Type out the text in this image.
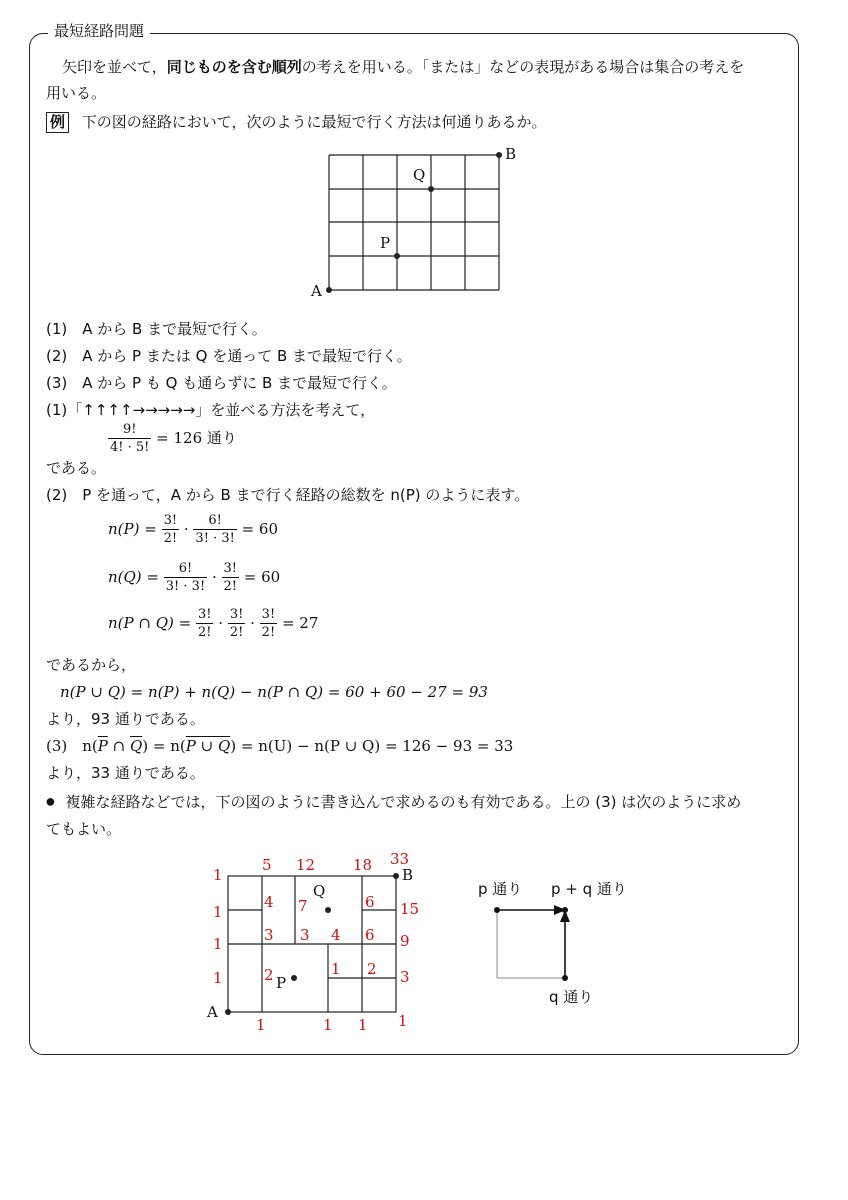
最短経路問題
矢印を並べて，同じものを含む順列の考えを用いる。「または」などの表現がある場合は集合の考えを
用いる。
例 下の図の経路において，次のように最短で行く方法は何通りあるか。
A
B
P
Q
(1)　A から B まで最短で行く。
(2)　A から P または Q を通って B まで最短で行く。
(3)　A から P も Q も通らずに B まで最短で行く。
(1)「↑↑↑↑→→→→→」を並べる方法を考えて，
$\frac{9!}{4! \cdot 5!} = 126$ 通り
である。
(2)　P を通って，A から B まで行く経路の総数を n(P) のように表す。
$n(P) = \frac{3!}{2!} \cdot \frac{6!}{3! \cdot 3!} = 60$
$n(Q) = \frac{6!}{3! \cdot 3!} \cdot \frac{3!}{2!} = 60$
n(P ∩ $Q) = \frac{3!}{2!} \cdot \frac{3!}{2!} \cdot \frac{3!}{2!} = 27$
であるから，
n(P ∪ Q) = n(P) + n(Q) − n(P ∩ Q) = 60 + 60 − 27 = 93
より，93 通りである。
(3)　$n(\overline{P}$ ∩ $\overline{Q}) = n(P$ ∪ Q) = n(U) − n(P ∪ Q) = 126 − 93 = 33
より，33 通りである。
● 複雑な経路などでは，下の図のように書き込んで求めるのも有効である。上の (3) は次のように求め
てもよい。
A
B
P
Q
1
1
1
1
5 12	18 33
15
9
3
1
1	1 1
4 7	6
3 3 4 6
2	1 2
p 通り p + q 通り
q 通り
